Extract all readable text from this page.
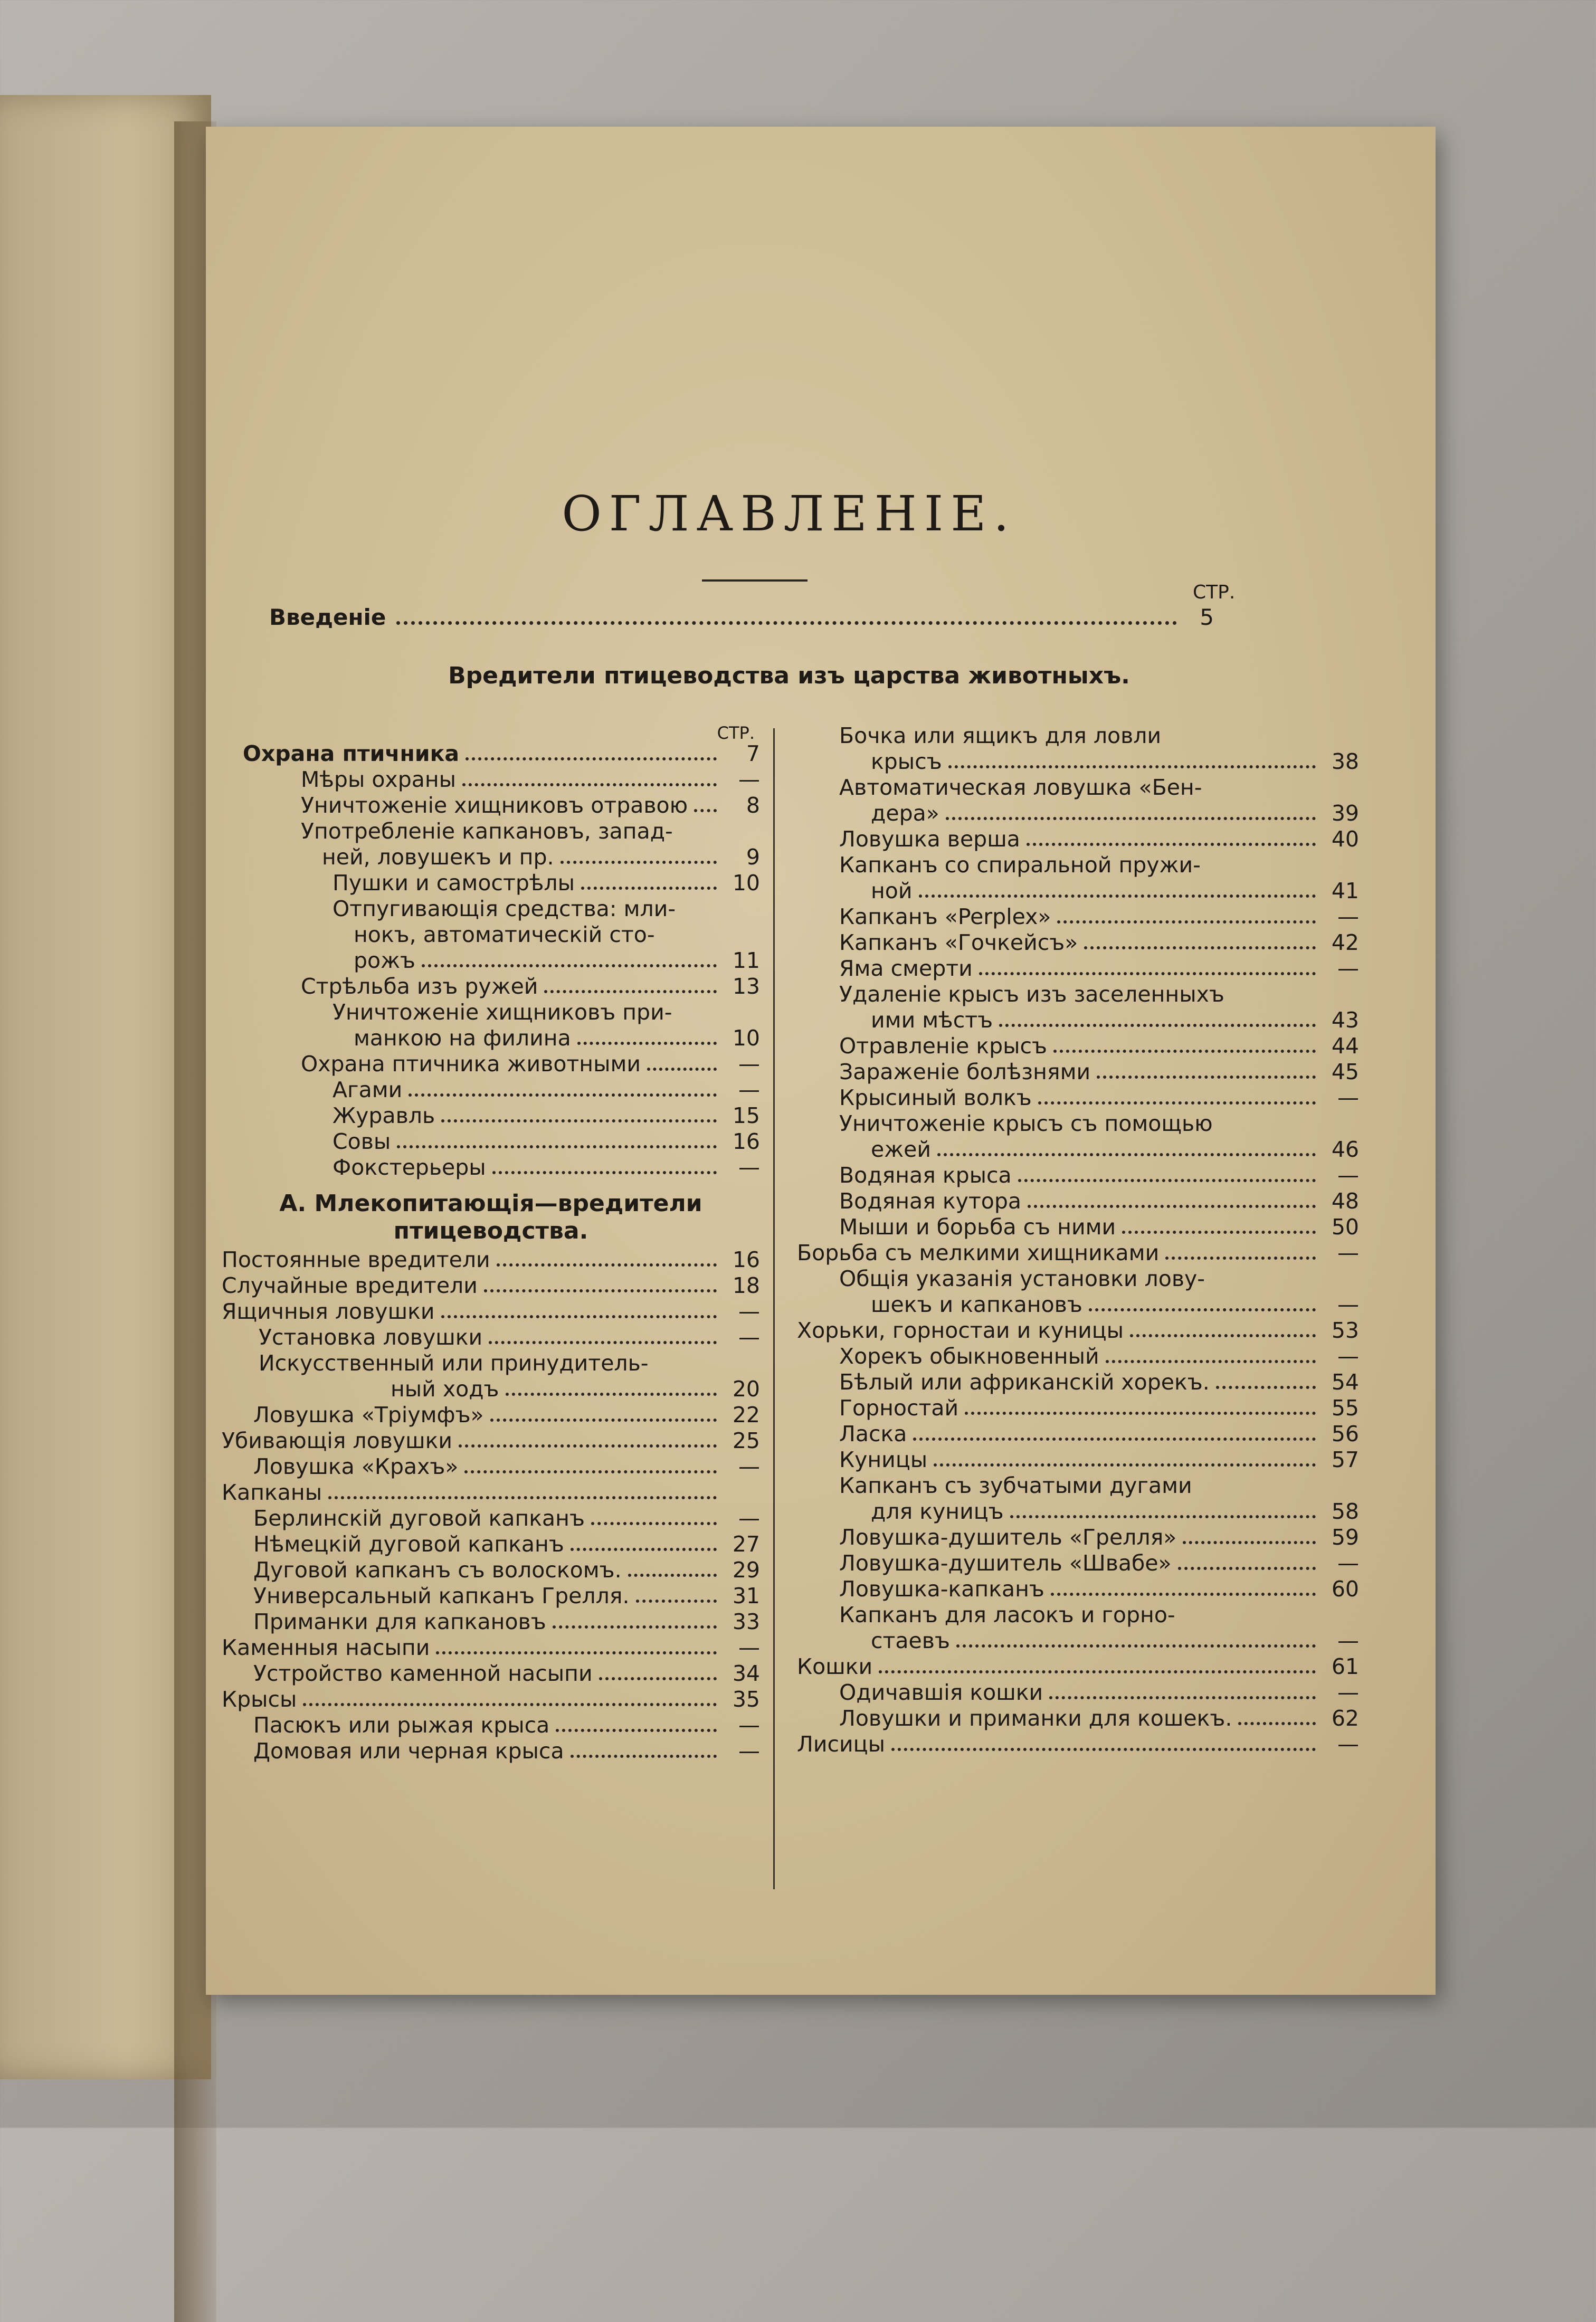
ОГЛАВЛЕНІЕ.
СТР.
Введеніе	5
Вредители птицеводства изъ царства животныхъ.
СТР.
Охрана птичника	7
Мѣры охраны	—
Уничтоженіе хищниковъ отравою	8
Употребленіе капкановъ, запад-
ней, ловушекъ и пр.	9
Пушки и самострѣлы	10
Отпугивающія средства: мли-
нокъ, автоматическій сто-
рожъ	11
Стрѣльба изъ ружей	13
Уничтоженіе хищниковъ при-
манкою на филина	10
Охрана птичника животными	—
Агами	—
Журавль	15
Совы	16
Фокстерьеры	—
А. Млекопитающія—вредители
птицеводства.
Постоянные вредители	16
Случайные вредители	18
Ящичныя ловушки	—
Установка ловушки	—
Искусственный или принудитель-
ный ходъ	20
Ловушка «Тріумфъ»	22
Убивающія ловушки	25
Ловушка «Крахъ»	—
Капканы
Берлинскій дуговой капканъ	—
Нѣмецкій дуговой капканъ	27
Дуговой капканъ съ волоскомъ.	29
Универсальный капканъ Грелля.	31
Приманки для капкановъ	33
Каменныя насыпи	—
Устройство каменной насыпи	34
Крысы	35
Пасюкъ или рыжая крыса	—
Домовая или черная крыса	—
Бочка или ящикъ для ловли
крысъ	38
Автоматическая ловушка «Бен-
дера»	39
Ловушка верша	40
Капканъ со спиральной пружи-
ной	41
Капканъ «Perplex»	—
Капканъ «Гочкейсъ»	42
Яма смерти	—
Удаленіе крысъ изъ заселенныхъ
ими мѣстъ	43
Отравленіе крысъ	44
Зараженіе болѣзнями	45
Крысиный волкъ	—
Уничтоженіе крысъ съ помощью
ежей	46
Водяная крыса	—
Водяная кутора	48
Мыши и борьба съ ними	50
Борьба съ мелкими хищниками	—
Общія указанія установки лову-
шекъ и капкановъ	—
Хорьки, горностаи и куницы	53
Хорекъ обыкновенный	—
Бѣлый или африканскій хорекъ.	54
Горностай	55
Ласка	56
Куницы	57
Капканъ съ зубчатыми дугами
для куницъ	58
Ловушка-душитель «Грелля»	59
Ловушка-душитель «Швабе»	—
Ловушка-капканъ	60
Капканъ для ласокъ и горно-
стаевъ	—
Кошки	61
Одичавшія кошки	—
Ловушки и приманки для кошекъ.	62
Лисицы	—
